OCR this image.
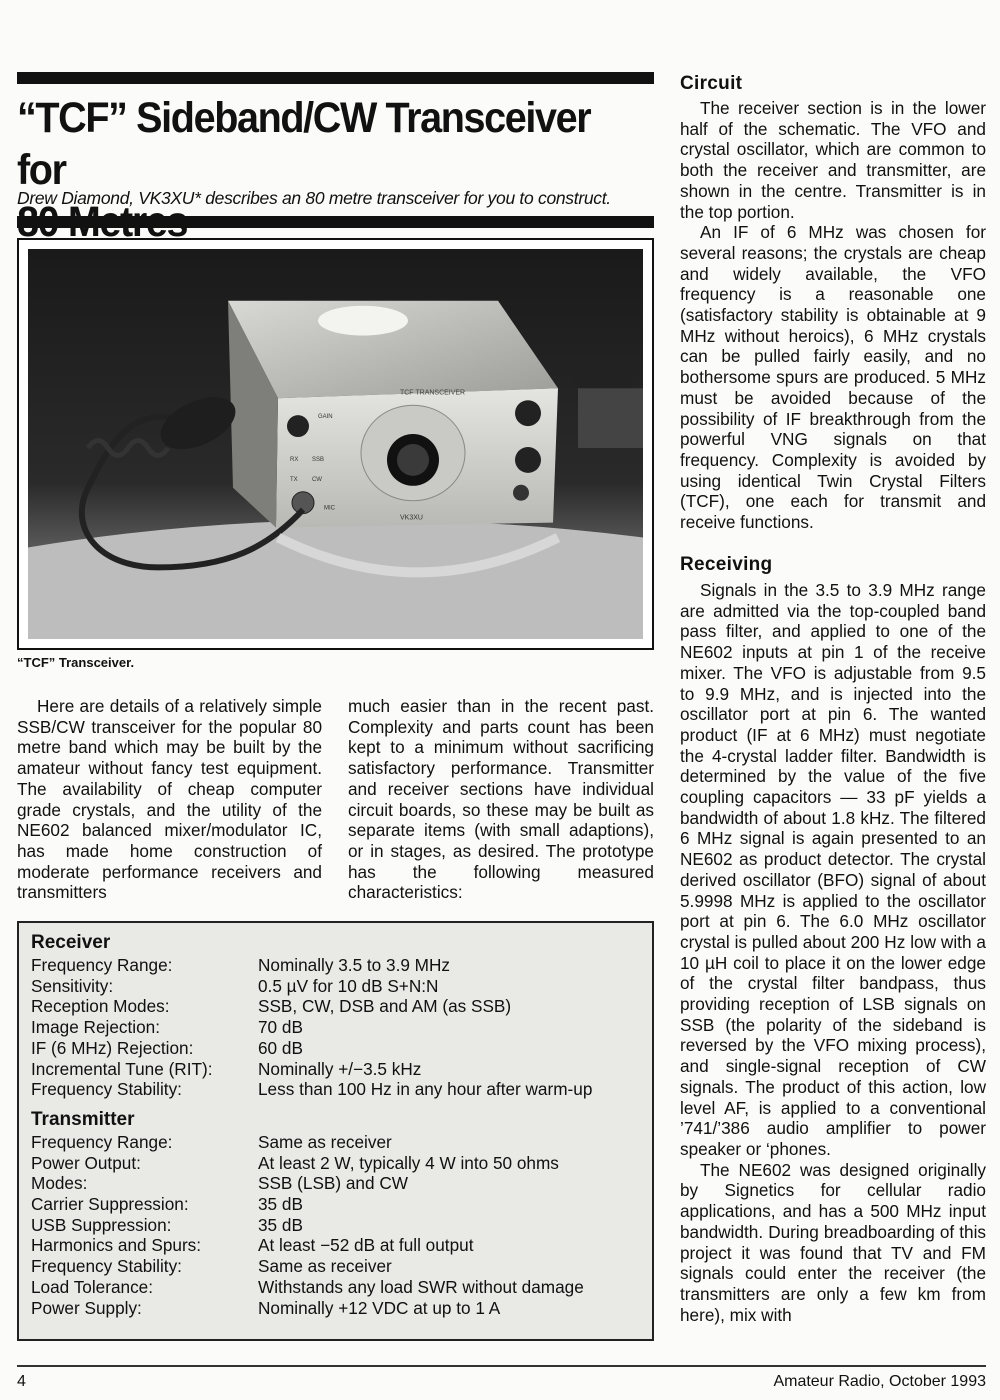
“TCF” Sideband/CW Transceiver for
Drew Diamond, VK3XU* describes an 80 metre transceiver for you to construct.
TCF TRANSCEIVER
GAIN
RX SSB
TX CW
MIC
VK3XU
“TCF” Transceiver.

Here are details of a relatively simple SSB/CW transceiver for the popular 80 metre band which may be built by the amateur without fancy test equipment. The availability of cheap computer grade crystals, and the utility of the NE602 balanced mixer/modulator IC, has made home construction of moderate performance receivers and transmitters

much easier than in the recent past. Complexity and parts count has been kept to a minimum without sacrificing satisfactory performance. Transmitter and receiver sections have individual circuit boards, so these may be built as separate items (with small adaptions), or in stages, as desired. The prototype has the following measured characteristics:

Circuit

The receiver section is in the lower half of the schematic. The VFO and crystal oscillator, which are common to both the receiver and transmitter, are shown in the centre. Transmitter is in the top portion.

An IF of 6 MHz was chosen for several reasons; the crystals are cheap and widely available, the VFO frequency is a reasonable one (satisfactory stability is obtainable at 9 MHz without heroics), 6 MHz crystals can be pulled fairly easily, and no bothersome spurs are produced. 5 MHz must be avoided because of the possibility of IF breakthrough from the powerful VNG signals on that frequency. Complexity is avoided by using identical Twin Crystal Filters (TCF), one each for transmit and receive functions.

Receiving

Signals in the 3.5 to 3.9 MHz range are admitted via the top-coupled band pass filter, and applied to one of the NE602 inputs at pin 1 of the receive mixer. The VFO is adjustable from 9.5 to 9.9 MHz, and is injected into the oscillator port at pin 6. The wanted product (IF at 6 MHz) must negotiate the 4-crystal ladder filter. Bandwidth is determined by the value of the five coupling capacitors — 33 pF yields a bandwidth of about 1.8 kHz. The filtered 6 MHz signal is again presented to an NE602 as product detector. The crystal derived oscillator (BFO) signal of about 5.9998 MHz is applied to the oscillator port at pin 6. The 6.0 MHz oscillator crystal is pulled about 200 Hz low with a 10 µH coil to place it on the lower edge of the crystal filter bandpass, thus providing reception of LSB signals on SSB (the polarity of the sideband is reversed by the VFO mixing process), and single-signal reception of CW signals. The product of this action, low level AF, is applied to a conventional ’741/’386 audio amplifier to power speaker or ‘phones.

The NE602 was designed originally by Signetics for cellular radio applications, and has a 500 MHz input bandwidth. During breadboarding of this project it was found that TV and FM signals could enter the receiver (the transmitters are only a few km from here), mix with

Receiver
Frequency Range:	Nominally 3.5 to 3.9 MHz
Sensitivity:	0.5 µV for 10 dB S+N:N
Reception Modes:	SSB, CW, DSB and AM (as SSB)
Image Rejection:	70 dB
IF (6 MHz) Rejection:	60 dB
Incremental Tune (RIT):	Nominally +/−3.5 kHz
Frequency Stability:	Less than 100 Hz in any hour after warm-up
Transmitter
Frequency Range:	Same as receiver
Power Output:	At least 2 W, typically 4 W into 50 ohms
Modes:	SSB (LSB) and CW
Carrier Suppression:	35 dB
USB Suppression:	35 dB
Harmonics and Spurs:	At least −52 dB at full output
Frequency Stability:	Same as receiver
Load Tolerance:	Withstands any load SWR without damage
Power Supply:	Nominally +12 VDC at up to 1 A
4	Amateur Radio, October 1993
